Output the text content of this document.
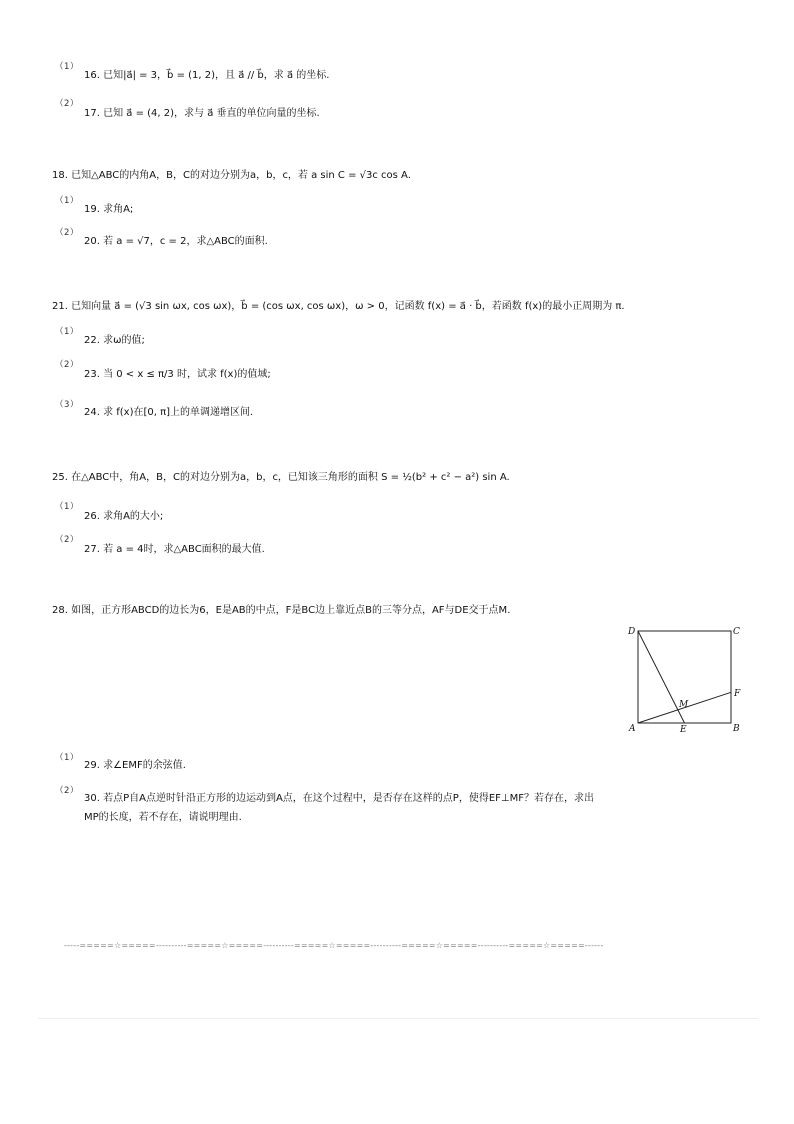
（1）
16. 已知|a⃗| = 3，b⃗ = (1, 2)，且 a⃗ // b⃗，求 a⃗ 的坐标.
（2）
17. 已知 a⃗ = (4, 2)，求与 a⃗ 垂直的单位向量的坐标.
18. 已知△ABC的内角A，B，C的对边分别为a，b，c，若 a sin C = √3c cos A.
（1）
19. 求角A;
（2）
20. 若 a = √7，c = 2，求△ABC的面积.
21. 已知向量 a⃗ = (√3 sin ωx, cos ωx)，b⃗ = (cos ωx, cos ωx)，ω > 0，记函数 f(x) = a⃗ · b⃗，若函数 f(x)的最小正周期为 π.
（1）
22. 求ω的值;
（2）
23. 当 0 < x ≤ π/3 时，试求 f(x)的值域;
（3）
24. 求 f(x)在[0, π]上的单调递增区间.
25. 在△ABC中，角A，B，C的对边分别为a，b，c，已知该三角形的面积 S = ½(b² + c² − a²) sin A.
（1）
26. 求角A的大小;
（2）
27. 若 a = 4时，求△ABC面积的最大值.
28. 如图，正方形ABCD的边长为6，E是AB的中点，F是BC边上靠近点B的三等分点，AF与DE交于点M.
D	C
A	B
E
F
M
（1）
29. 求∠EMF的余弦值.
（2）
30. 若点P自A点逆时针沿正方形的边运动到A点，在这个过程中，是否存在这样的点P，使得EF⊥MF？若存在，求出
MP的长度，若不存在，请说明理由.
-----=====☆=====----------=====☆=====----------=====☆=====----------=====☆=====----------=====☆=====------
